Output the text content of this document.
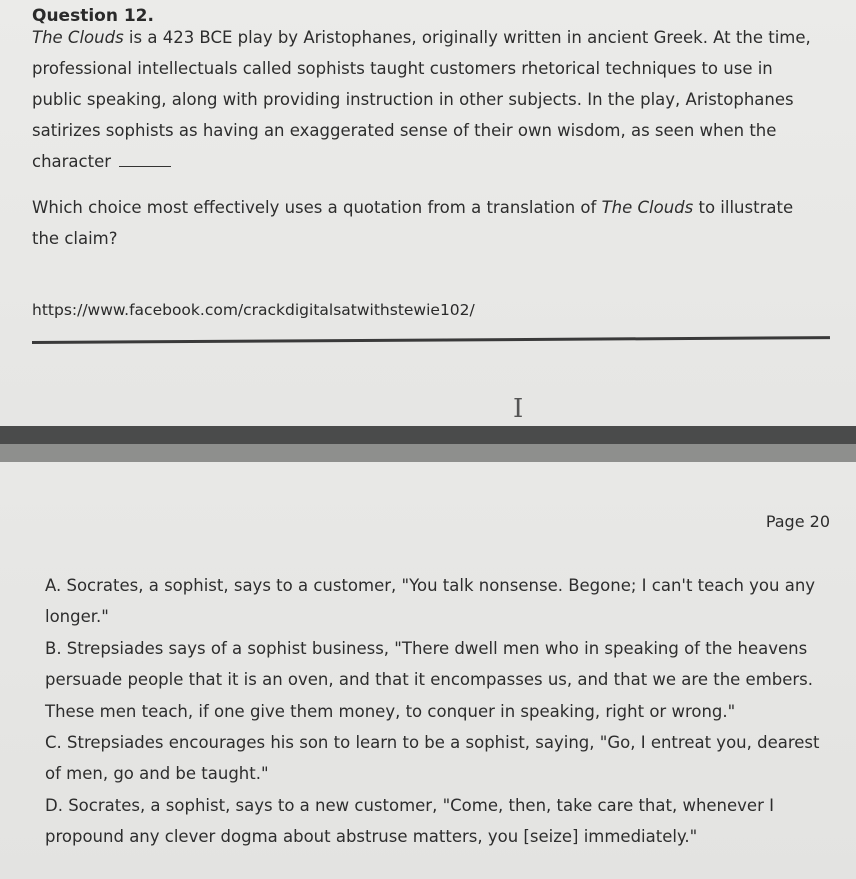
Question 12.
The Clouds is a 423 BCE play by Aristophanes, originally written in ancient Greek. At the time, professional intellectuals called sophists taught customers rhetorical techniques to use in public speaking, along with providing instruction in other subjects. In the play, Aristophanes satirizes sophists as having an exaggerated sense of their own wisdom, as seen when the character
Which choice most effectively uses a quotation from a translation of The Clouds to illustrate the claim?
https://www.facebook.com/crackdigitalsatwithstewie102/
I
Page 20

A. Socrates, a sophist, says to a customer, "You talk nonsense. Begone; I can't teach you any longer."

B. Strepsiades says of a sophist business, "There dwell men who in speaking of the heavens persuade people that it is an oven, and that it encompasses us, and that we are the embers. These men teach, if one give them money, to conquer in speaking, right or wrong."

C. Strepsiades encourages his son to learn to be a sophist, saying, "Go, I entreat you, dearest of men, go and be taught."

D. Socrates, a sophist, says to a new customer, "Come, then, take care that, whenever I propound any clever dogma about abstruse matters, you [seize] immediately."
